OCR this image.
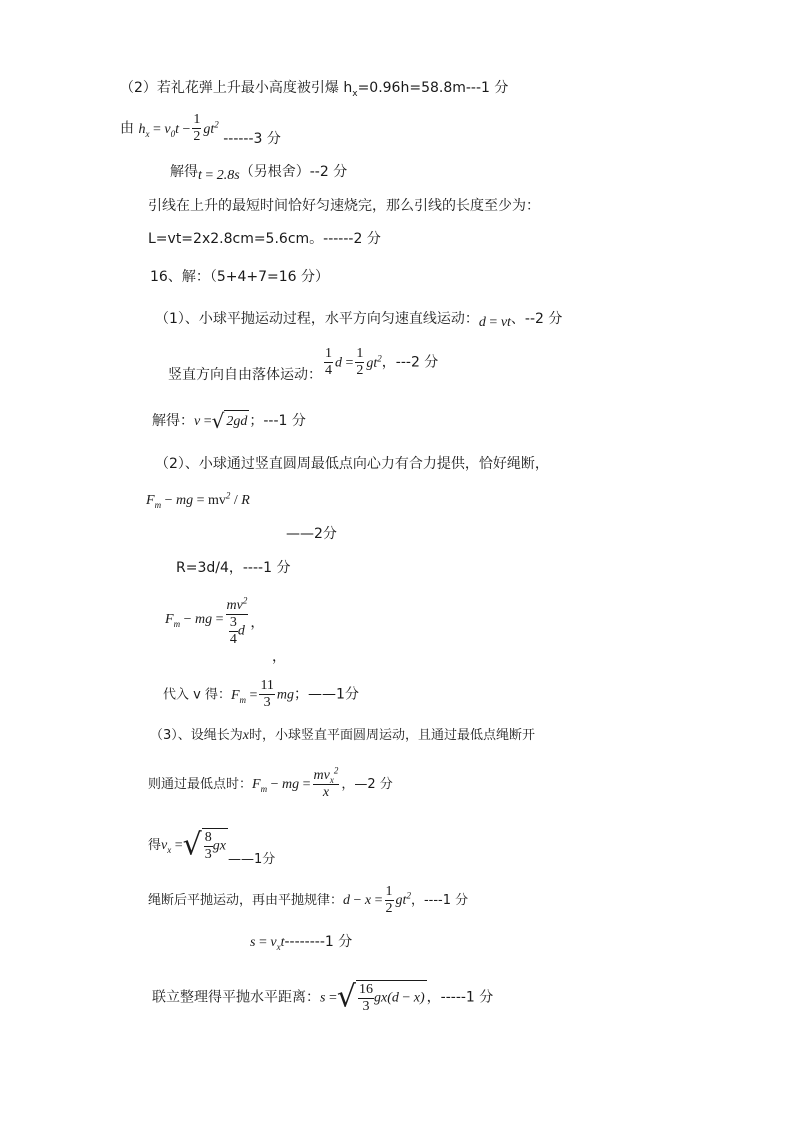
（2）若礼花弹上升最小高度被引爆 $h_x=0.96h=58.8m---1$ 分
由 $h_x = v_0t - \frac{1}{2} gt^2$ ------3 分
解得t = 2.8s（另根舍）--2 分
引线在上升的最短时间恰好匀速烧完，那么引线的长度至少为：
L=vt=2x2.8cm=5.6cm。------2 分
16、解：（5+4+7=16 分）
（1）、小球平抛运动过程，水平方向匀速直线运动：d = vt、--2 分
竖直方向自由落体运动： $\frac{1}{4}$ $d = \frac{1}{2} gt^2$，---2 分
解得：v =√ 2gd ；---1 分
（2）、小球通过竖直圆周最低点向心力有合力提供，恰好绳断，
$F_m$ − mg = $mv^2$ / R
——2分
R=3d/4，----1 分
$F_m$ − mg = $\frac{mv^2}{\frac{3}{4} d}$ ，
，
代入 v 得：$F_m = \frac{11}{3}$ mg；——1分
（3）、设绳长为x时，小球竖直平面圆周运动，且通过最低点绳断开
则通过最低点时：$F_m$ − mg = $\frac{mv_x^2}{x}$ ，—2 分
得$v_x$ =√ $\frac{8}{3}$ gx——1分
绳断后平抛运动，再由平抛规律：$d - x = \frac{1}{2} gt^2$，----1 分
$s = v_xt--------1$ 分
联立整理得平抛水平距离：s =√ $\frac{16}{3} gx(d - x)$ ，-----1 分
